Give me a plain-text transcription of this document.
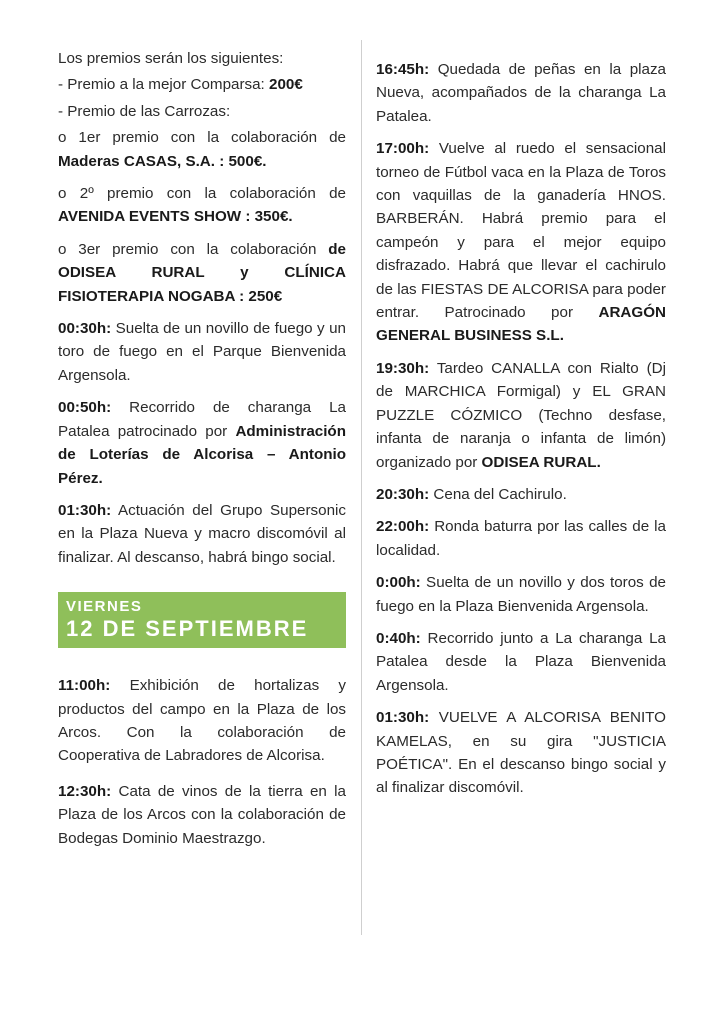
Los premios serán los siguientes:

- Premio a la mejor Comparsa: 200€

- Premio de las Carrozas:

o 1er premio con la colaboración de Maderas CASAS, S.A. : 500€.

o 2º premio con la colaboración de AVENIDA EVENTS SHOW : 350€.

o 3er premio con la colaboración de ODISEA RURAL y CLÍNICA FISIOTERAPIA NOGABA : 250€

00:30h: Suelta de un novillo de fuego y un toro de fuego en el Parque Bienvenida Argensola.

00:50h: Recorrido de charanga La Patalea patrocinado por Administración de Loterías de Alcorisa – Antonio Pérez.

01:30h: Actuación del Grupo Supersonic en la Plaza Nueva y macro discomóvil al finalizar. Al descanso, habrá bingo social.

VIERNES
12 DE SEPTIEMBRE

11:00h: Exhibición de hortalizas y productos del campo en la Plaza de los Arcos. Con la colaboración de Cooperativa de Labradores de Alcorisa.

12:30h: Cata de vinos de la tierra en la Plaza de los Arcos con la colaboración de Bodegas Dominio Maestrazgo.

16:45h: Quedada de peñas en la plaza Nueva, acompañados de la charanga La Patalea.

17:00h: Vuelve al ruedo el sensacional torneo de Fútbol vaca en la Plaza de Toros con vaquillas de la ganadería HNOS. BARBERÁN. Habrá premio para el campeón y para el mejor equipo disfrazado. Habrá que llevar el cachirulo de las FIESTAS DE ALCORISA para poder entrar. Patrocinado por ARAGÓN GENERAL BUSINESS S.L.

19:30h: Tardeo CANALLA con Rialto (Dj de MARCHICA Formigal) y EL GRAN PUZZLE CÓZMICO (Techno desfase, infanta de naranja o infanta de limón) organizado por ODISEA RURAL.

20:30h: Cena del Cachirulo.

22:00h: Ronda baturra por las calles de la localidad.

0:00h: Suelta de un novillo y dos toros de fuego en la Plaza Bienvenida Argensola.

0:40h: Recorrido junto a La charanga La Patalea desde la Plaza Bienvenida Argensola.

01:30h: VUELVE A ALCORISA BENITO KAMELAS, en su gira "JUSTICIA POÉTICA". En el descanso bingo social y al finalizar discomóvil.
